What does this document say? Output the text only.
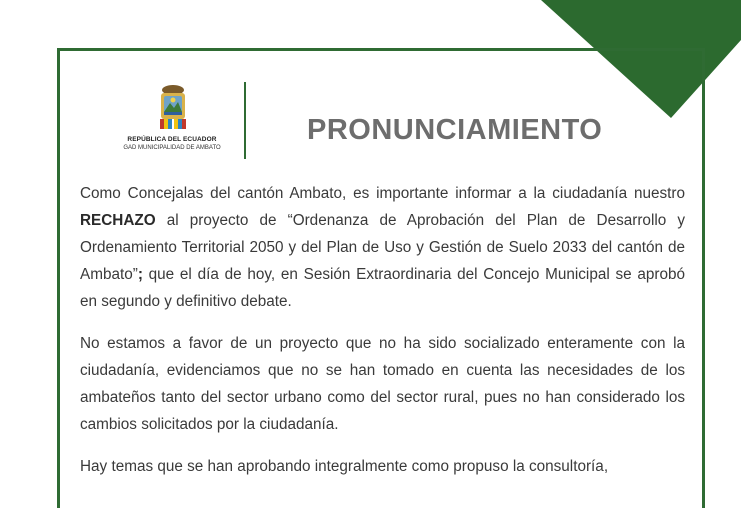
REPÚBLICA DEL ECUADOR
GAD MUNICIPALIDAD DE AMBATO
PRONUNCIAMIENTO

Como Concejalas del cantón Ambato, es importante informar a la ciudadanía nuestro RECHAZO al proyecto de “Ordenanza de Aprobación del Plan de Desarrollo y Ordenamiento Territorial 2050 y del Plan de Uso y Gestión de Suelo 2033 del cantón de Ambato”; que el día de hoy, en Sesión Extraordinaria del Concejo Municipal se aprobó en segundo y definitivo debate.

No estamos a favor de un proyecto que no ha sido socializado enteramente con la ciudadanía, evidenciamos que no se han tomado en cuenta las necesidades de los ambateños tanto del sector urbano como del sector rural, pues no han considerado los cambios solicitados por la ciudadanía.

Hay temas que se han aprobando integralmente como propuso la consultoría,
